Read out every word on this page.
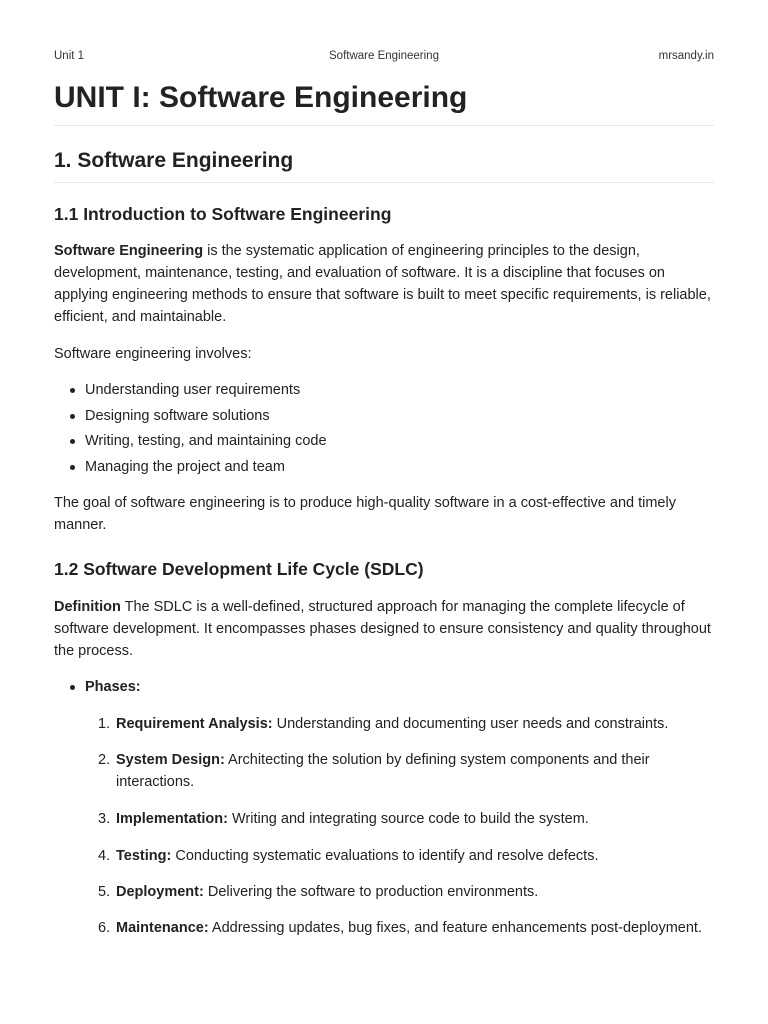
Software Engineering
Unit 1	mrsandy.in
UNIT I: Software Engineering
1. Software Engineering
1.1 Introduction to Software Engineering

Software Engineering is the systematic application of engineering principles to the design, development, maintenance, testing, and evaluation of software. It is a discipline that focuses on applying engineering methods to ensure that software is built to meet specific requirements, is reliable, efficient, and maintainable.

Software engineering involves:

Understanding user requirements
Designing software solutions
Writing, testing, and maintaining code
Managing the project and team

The goal of software engineering is to produce high-quality software in a cost-effective and timely manner.

1.2 Software Development Life Cycle (SDLC)

Definition The SDLC is a well-defined, structured approach for managing the complete lifecycle of software development. It encompasses phases designed to ensure consistency and quality throughout the process.

Phases:
1. Requirement Analysis: Understanding and documenting user needs and constraints.
2. System Design: Architecting the solution by defining system components and their interactions.
3. Implementation: Writing and integrating source code to build the system.
4. Testing: Conducting systematic evaluations to identify and resolve defects.
5. Deployment: Delivering the software to production environments.
6. Maintenance: Addressing updates, bug fixes, and feature enhancements post-deployment.
